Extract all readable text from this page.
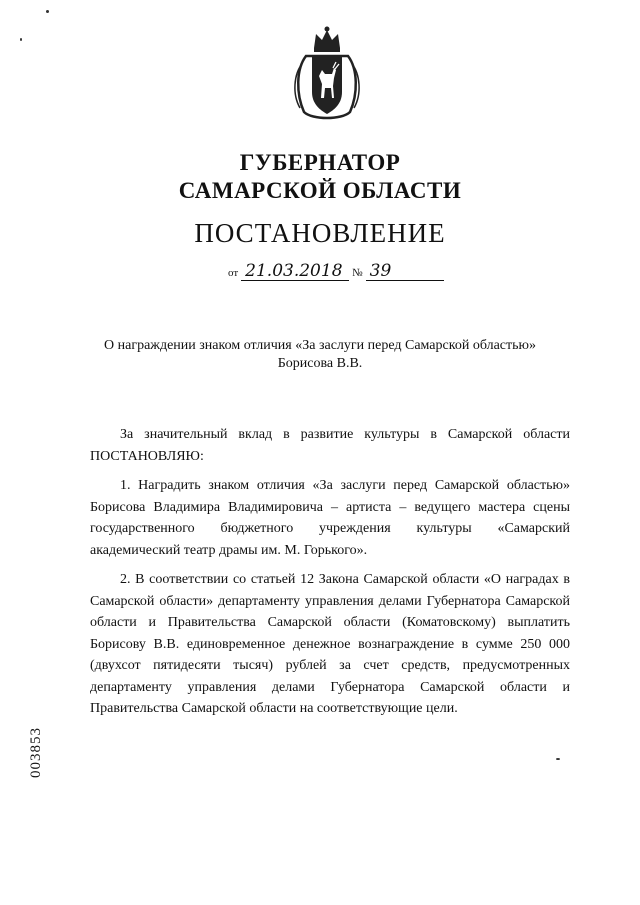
ГУБЕРНАТОР
САМАРСКОЙ ОБЛАСТИ
ПОСТАНОВЛЕНИЕ
от 21.03.2018 № 39
О награждении знаком отличия «За заслуги перед Самарской областью»
Борисова В.В.

За значительный вклад в развитие культуры в Самарской области ПОСТАНОВЛЯЮ:

1. Наградить знаком отличия «За заслуги перед Самарской областью» Борисова Владимира Владимировича – артиста – ведущего мастера сцены государственного бюджетного учреждения культуры «Самарский академический театр драмы им. М. Горького».

2. В соответствии со статьей 12 Закона Самарской области «О наградах в Самарской области» департаменту управления делами Губернатора Самарской области и Правительства Самарской области (Коматовскому) выплатить Борисову В.В. единовременное денежное вознаграждение в сумме 250 000 (двухсот пятидесяти тысяч) рублей за счет средств, предусмотренных департаменту управления делами Губернатора Самарской области и Правительства Самарской области на соответствующие цели.

003853
